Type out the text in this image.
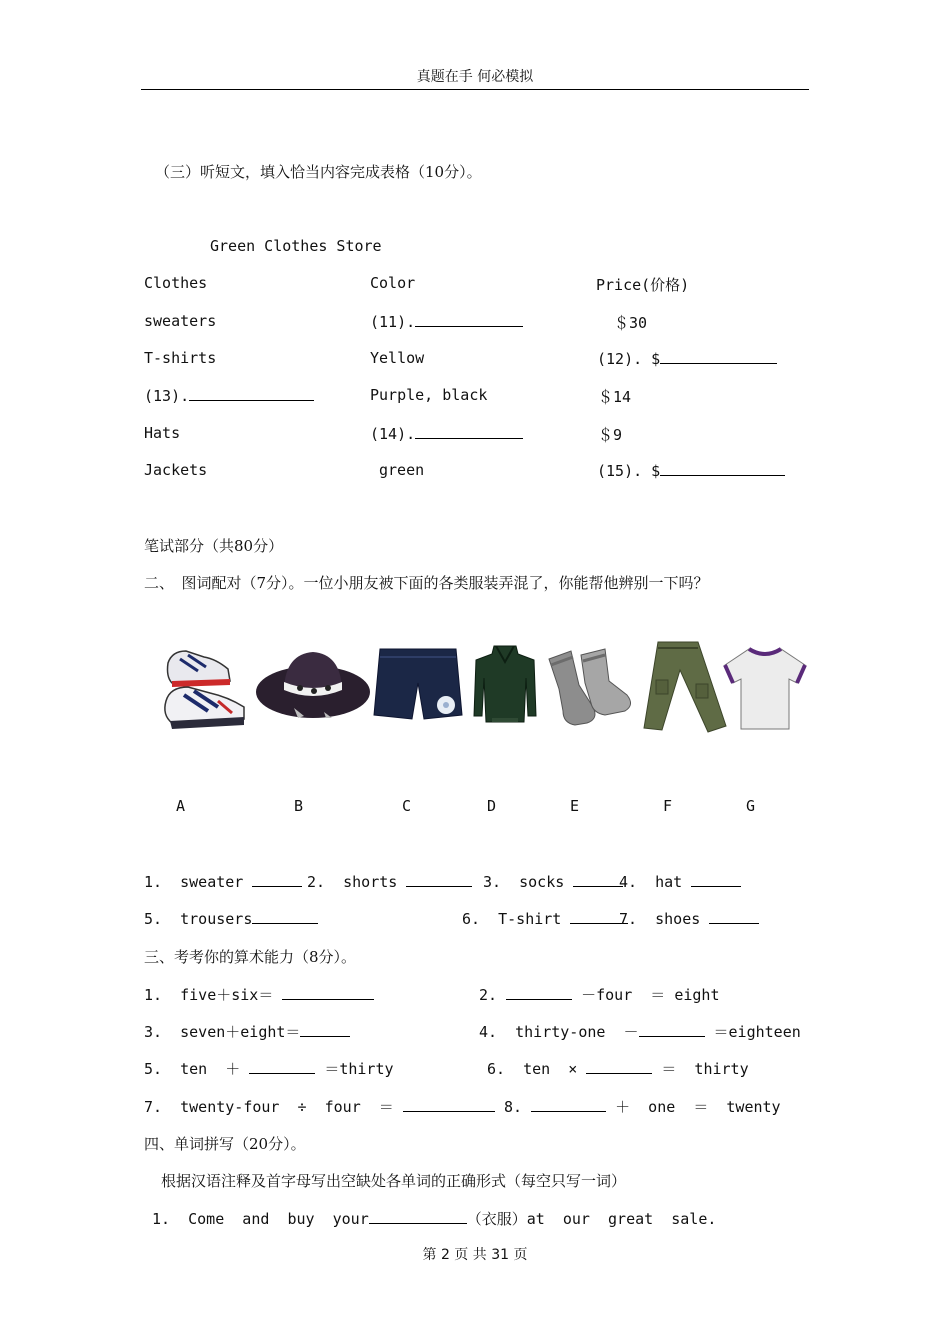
真题在手 何必模拟
（三）听短文，填入恰当内容完成表格（10分）。
Green Clothes Store
Clothes	Color	Price(价格)
sweaters	(11).	＄30
T-shirts	Yellow	(12). $
(13).	Purple, black	＄14
Hats	(14).	＄9
Jackets	green	(15). $
笔试部分（共80分）
二、　图词配对（7分）。一位小朋友被下面的各类服装弄混了，你能帮他辨别一下吗？
A	B	C	D	E	F	G
1.  sweater	2.  shorts	3.  socks	4.  hat
5.  trousers	6.  T-shirt	7.  shoes
三、考考你的算术能力（8分）。
1.  five＋six＝	2.	－four  ＝ eight
3.  seven＋eight＝	4.  thirty-one  －	＝eighteen
5.  ten  ＋	＝thirty	6.  ten  ×	＝  thirty
7.  twenty-four  ÷  four  ＝	8.	＋  one  ＝  twenty
四、单词拼写（20分）。
根据汉语注释及首字母写出空缺处各单词的正确形式（每空只写一词）
1.  Come  and  buy  your	（衣服）at  our  great  sale.
第 2 页 共 31 页
